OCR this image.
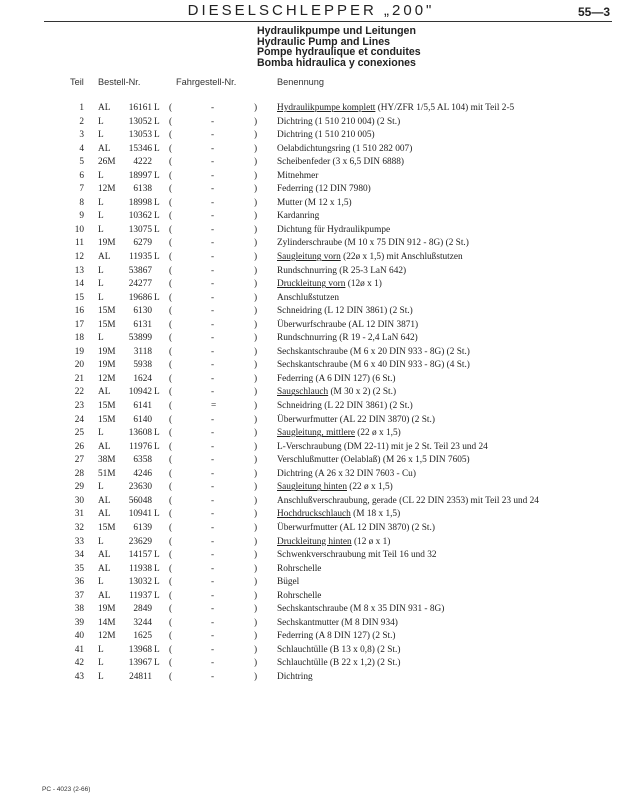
DIESELSCHLEPPER „200"	55—3
Hydraulikpumpe und Leitungen
Hydraulic Pump and Lines
Pompe hydraulique et conduites
Bomba hidraulica y conexiones
Teil Bestell-Nr.	Fahrgestell-Nr.	Benennung
1 AL	16161 L (	-	) Hydraulikpumpe komplett (HY/ZFR 1/5,5 AL 104) mit Teil 2-5
2 L	13052 L (	-	) Dichtring (1 510 210 004) (2 St.)
3 L	13053 L (	-	) Dichtring (1 510 210 005)
4 AL	15346 L (	-	) Oelabdichtungsring (1 510 282 007)
5 26M	4222 (	-	) Scheibenfeder (3 x 6,5 DIN 6888)
6 L	18997 L (	-	) Mitnehmer
7 12M	6138 (	-	) Federring (12 DIN 7980)
8 L	18998 L (	-	) Mutter (M 12 x 1,5)
9 L	10362 L (	-	) Kardanring
10 L	13075 L (	-	) Dichtung für Hydraulikpumpe
11 19M	6279 (	-	) Zylinderschraube (M 10 x 75 DIN 912 - 8G) (2 St.)
12 AL	11935 L (	-	) Saugleitung vorn (22ø x 1,5) mit Anschlußstutzen
13 L	53867 (	-	) Rundschnurring (R 25-3 LaN 642)
14 L	24277 (	-	) Druckleitung vorn (12ø x 1)
15 L	19686 L (	-	) Anschlußstutzen
16 15M	6130 (	-	) Schneidring (L 12 DIN 3861) (2 St.)
17 15M	6131 (	-	) Überwurfschraube (AL 12 DIN 3871)
18 L	53899 (	-	) Rundschnurring (R 19 - 2,4 LaN 642)
19 19M	3118 (	-	) Sechskantschraube (M 6 x 20 DIN 933 - 8G) (2 St.)
20 19M	5938 (	-	) Sechskantschraube (M 6 x 40 DIN 933 - 8G) (4 St.)
21 12M	1624 (	-	) Federring (A 6 DIN 127) (6 St.)
22 AL	10942 L (	-	) Saugschlauch (M 30 x 2) (2 St.)
23 15M	6141 (	=	) Schneidring (L 22 DIN 3861) (2 St.)
24 15M	6140 (	-	) Überwurfmutter (AL 22 DIN 3870) (2 St.)
25 L	13608 L (	-	) Saugleitung, mittlere (22 ø x 1,5)
26 AL	11976 L (	-	) L-Verschraubung (DM 22-11) mit je 2 St. Teil 23 und 24
27 38M	6358 (	-	) Verschlußmutter (Oelablaß) (M 26 x 1,5 DIN 7605)
28 51M	4246 (	-	) Dichtring (A 26 x 32 DIN 7603 - Cu)
29 L	23630 (	-	) Saugleitung hinten (22 ø x 1,5)
30 AL	56048 (	-	) Anschlußverschraubung, gerade (CL 22 DIN 2353) mit Teil 23 und 24
31 AL	10941 L (	-	) Hochdruckschlauch (M 18 x 1,5)
32 15M	6139 (	-	) Überwurfmutter (AL 12 DIN 3870) (2 St.)
33 L	23629 (	-	) Druckleitung hinten (12 ø x 1)
34 AL	14157 L (	-	) Schwenkverschraubung mit Teil 16 und 32
35 AL	11938 L (	-	) Rohrschelle
36 L	13032 L (	-	) Bügel
37 AL	11937 L (	-	) Rohrschelle
38 19M	2849 (	-	) Sechskantschraube (M 8 x 35 DIN 931 - 8G)
39 14M	3244 (	-	) Sechskantmutter (M 8 DIN 934)
40 12M	1625 (	-	) Federring (A 8 DIN 127) (2 St.)
41 L	13968 L (	-	) Schlauchtülle (B 13 x 0,8) (2 St.)
42 L	13967 L (	-	) Schlauchtülle (B 22 x 1,2) (2 St.)
43 L	24811 (	-	) Dichtring
PC - 4023 (2-66)
